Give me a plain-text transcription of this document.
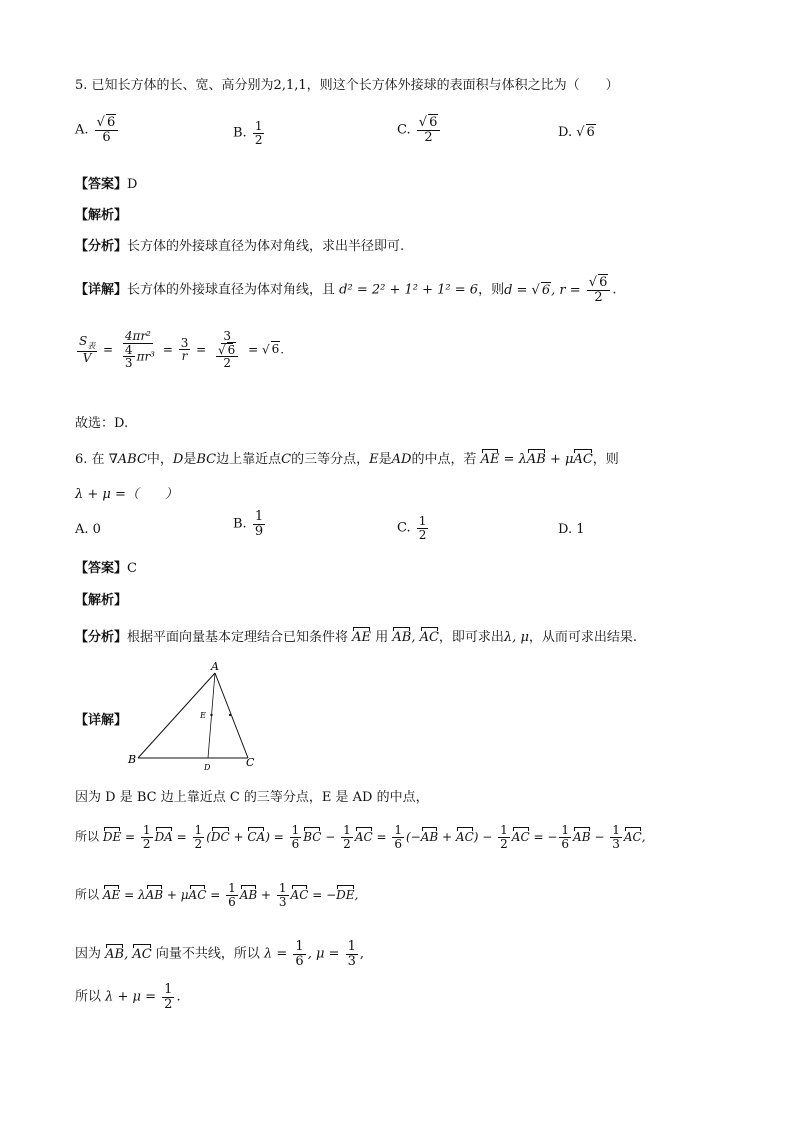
5. 已知长方体的长、宽、高分别为2,1,1，则这个长方体外接球的表面积与体积之比为（　　）
A. $\frac{√ 6}{6}$	B. $\frac{1}{2}$	C. $\frac{√ 6}{2}$	D. √ 6
【答案】D
【解析】
【分析】长方体的外接球直径为体对角线，求出半径即可.
【详解】长方体的外接球直径为体对角线，且 d² = 2² + 1² + 1² = 6，则d = √ 6, $r = \frac{√ 6}{2}$ .
$\frac{S_表}{V} = \frac{\text{4πr²}}{\frac{4}{3} \pi r^3} = \frac{3}{r} = \frac{3}{\frac{√ 6}{2}}$ = √ 6.
故选：D.
6. 在 ∇ABC中，D是BC边上靠近点C的三等分点，E是AD的中点，若 AE = λAB + μAC，则
λ + μ =（　　）
A. 0	B. $\frac{1}{9}$	C. $\frac{1}{2}$	D. 1
【答案】C
【解析】
【分析】根据平面向量基本定理结合已知条件将 AE 用 AB, AC，即可求出λ, μ，从而可求出结果.
【详解】
A
B	C
D
E
因为 D 是 BC 边上靠近点 C 的三等分点，E 是 AD 的中点，
所以 DE = $\frac{1}{2}$ DA = $\frac{1}{2} (DC + CA) = \frac{1}{6}$ BC − $\frac{1}{2}$ AC = $\frac{1}{6} (-AB + AC) - \frac{1}{2}$ AC = − $\frac{1}{6}$ AB − $\frac{1}{3}$ AC,
所以 AE = $\lambda AB + \mu AC = \frac{1}{6}$ AB + $\frac{1}{3}$ AC = −DE,
因为 AB, AC 向量不共线，所以 $\lambda = \frac{1}{6}$ , $\mu = \frac{1}{3}$ ,
所以 $\lambda + \mu = \frac{1}{2}$ .
